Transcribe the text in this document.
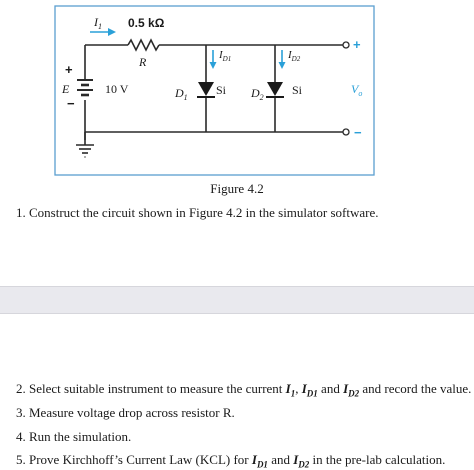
$I_1$ 0.5 kΩ
R
+
−
E	10 V	$D_1$
Si $D_2$
Si
$I_{D1}$	$I_{D2}$
+
−
$V_o$
Figure 4.2
1. Construct the circuit shown in Figure 4.2 in the simulator software.
2. Select suitable instrument to measure the current $I_1$, $I_{D1}$ and $I_{D2}$ and record the value.
3. Measure voltage drop across resistor R.
4. Run the simulation.
5. Prove Kirchhoff’s Current Law (KCL) for $I_{D1}$ and $I_{D2}$ in the pre-lab calculation.
